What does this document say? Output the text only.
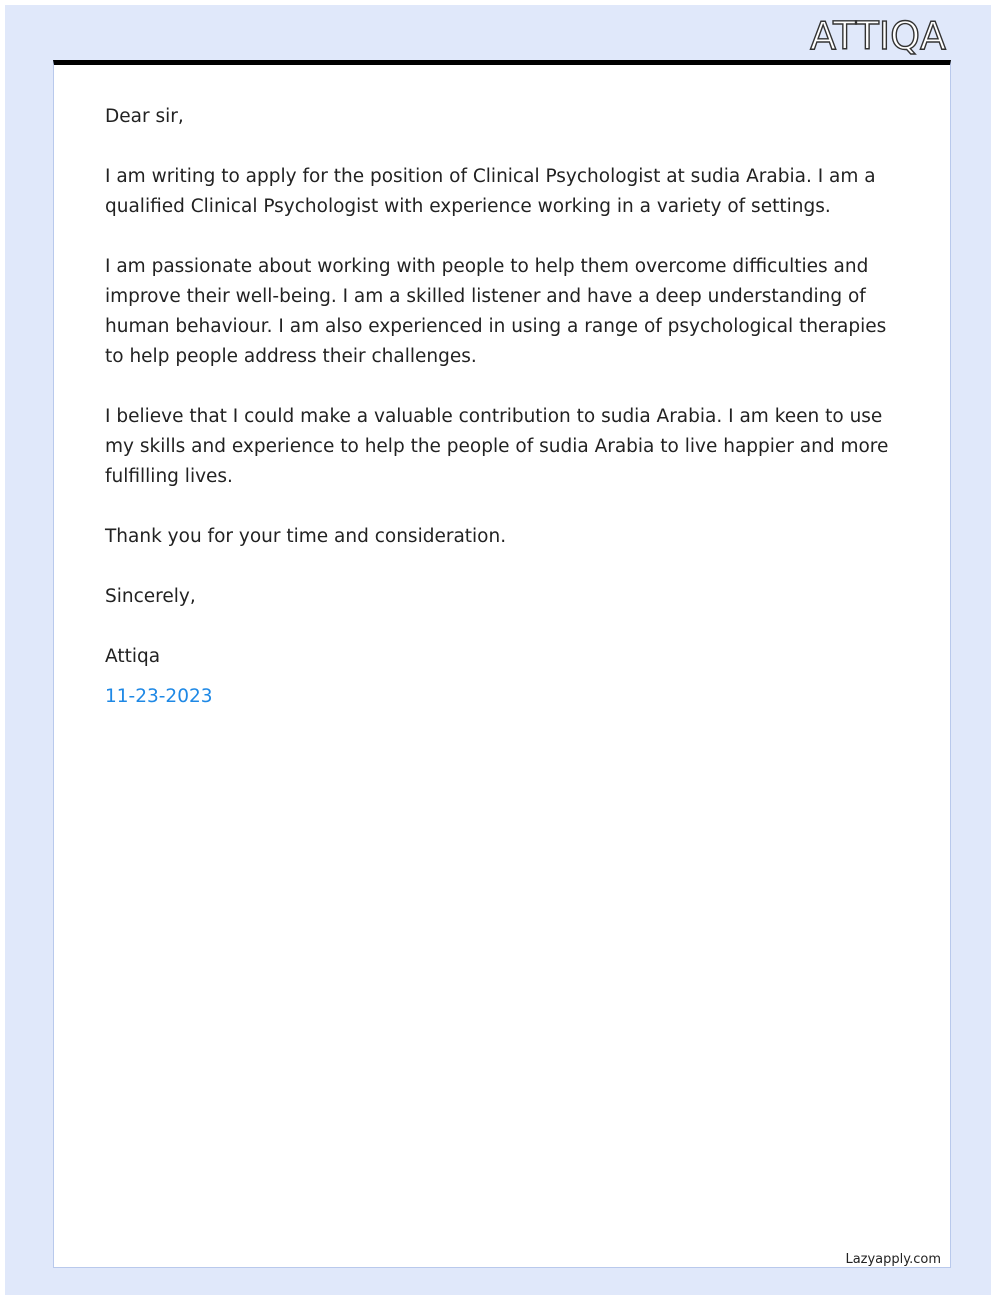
ATTIQA

Dear sir,

I am writing to apply for the position of Clinical Psychologist at sudia Arabia. I am a qualified Clinical Psychologist with experience working in a variety of settings.

I am passionate about working with people to help them overcome difficulties and improve their well-being. I am a skilled listener and have a deep understanding of human behaviour. I am also experienced in using a range of psychological therapies to help people address their challenges.

I believe that I could make a valuable contribution to sudia Arabia. I am keen to use my skills and experience to help the people of sudia Arabia to live happier and more fulfilling lives.

Thank you for your time and consideration.

Sincerely,

Attiqa

11-23-2023

Lazyapply.com
